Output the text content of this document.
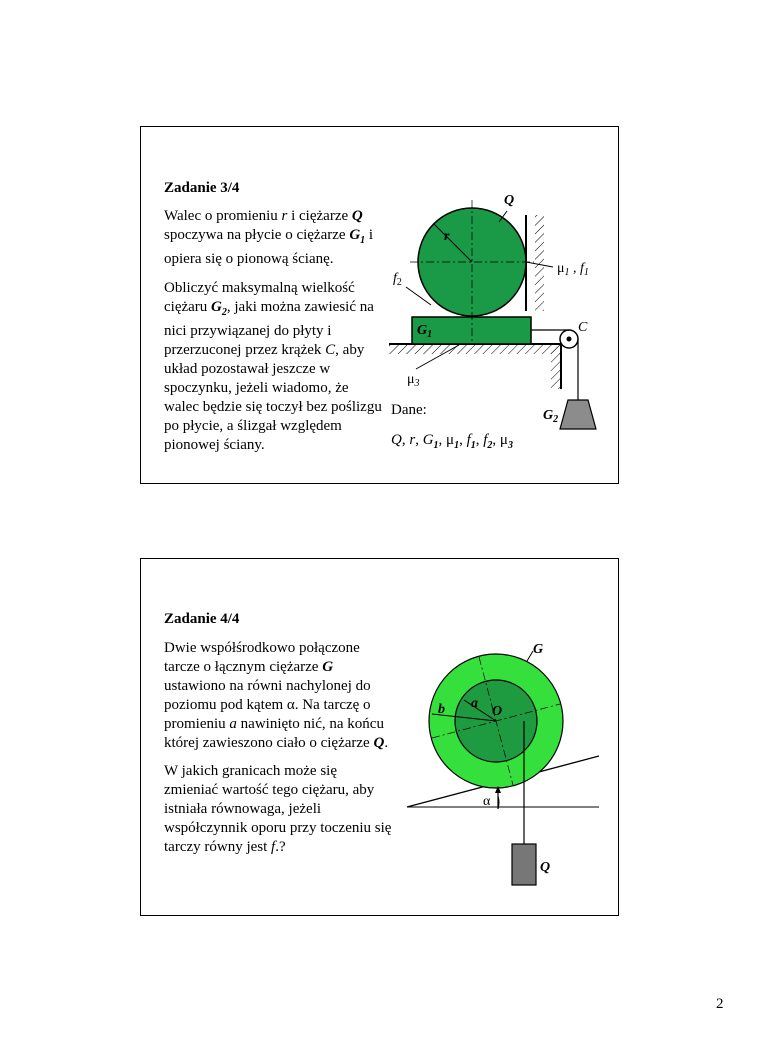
Zadanie 3/4

Walec o promieniu r i ciężarze Q spoczywa na płycie o ciężarze $G_1$ i opiera się o pionową ścianę.

Obliczyć maksymalną wielkość ciężaru $G_2$, jaki można zawiesić na nici przywiązanej do płyty i przerzuconej przez krążek C, aby układ pozostawał jeszcze w spoczynku, jeżeli wiadomo, że walec będzie się toczył bez poślizgu po płycie, a ślizgał względem pionowej ściany.

Dane:
Q, r, $G_1$, $\mu_1$, $f_1$, $f_2$, $\mu_3$
Q
r
$f_2$
$\mu_1$ , $f_1$
$G_1$	C
$\mu_3$
$G_2$
Zadanie 4/4

Dwie współśrodkowo połączone tarcze o łącznym ciężarze G ustawiono na równi nachylonej do poziomu pod kątem α. Na tarczę o promieniu a nawinięto nić, na końcu której zawieszono ciało o ciężarze Q.

W jakich granicach może się zmieniać wartość tego ciężaru, aby istniała równowaga, jeżeli współczynnik oporu przy toczeniu się tarczy równy jest f.?

G
b a
O
α
Q
2
